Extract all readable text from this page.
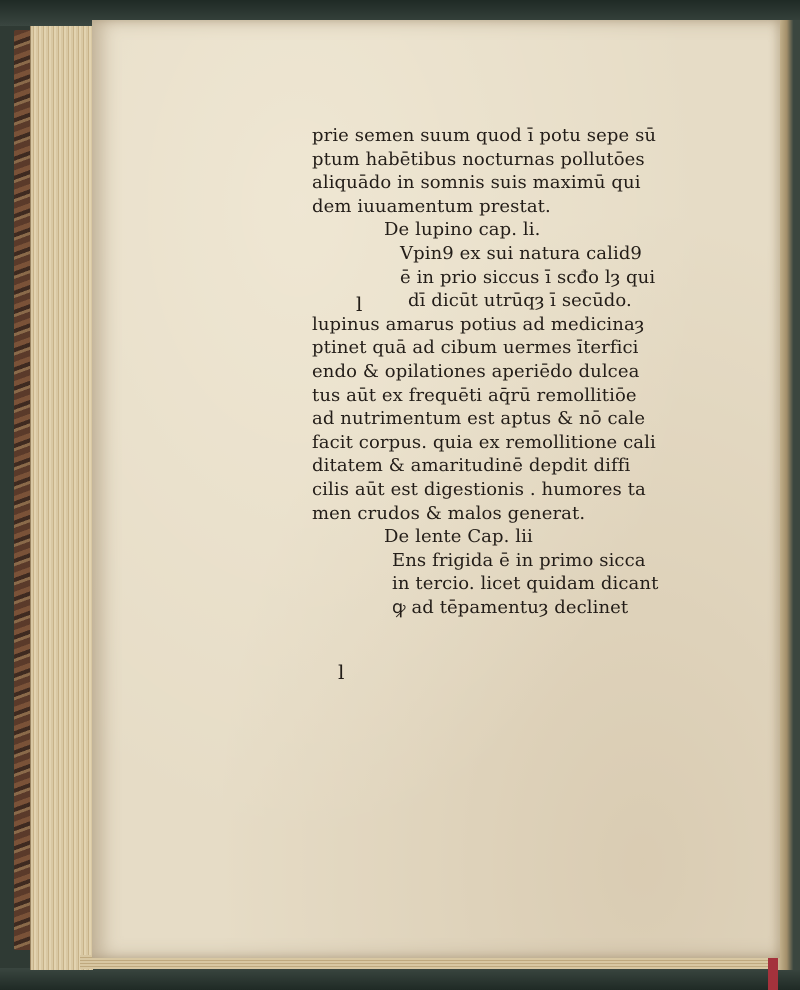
prie semen suum quod ī potu sepe sū
ptum habētibus nocturnas pollutōes
aliquādo in somnis suis maximū qui
dem iuuamentum prestat.
De lupino cap. li.
Vpin9 ex sui natura calid9
ē in prio siccus ī scđo lȝ qui
dī dicūt utrūqȝ ī secūdo.
lupinus amarus potius ad medicinaȝ
ptinet quā ad cibum uermes īterfici
endo & opilationes aperiēdo dulcea
tus aūt ex frequēti aq̄rū remollitiōe
ad nutrimentum est aptus & nō cale
facit corpus. quia ex remollitione cali
ditatem & amaritudinē depdit diffi
cilis aūt est digestionis . humores ta
men crudos & malos generat.
De lente Cap. lii
Ens frigida ē in primo sicca
in tercio. licet quidam dicant
ꝙ ad tēpamentuȝ declinet
l
l
